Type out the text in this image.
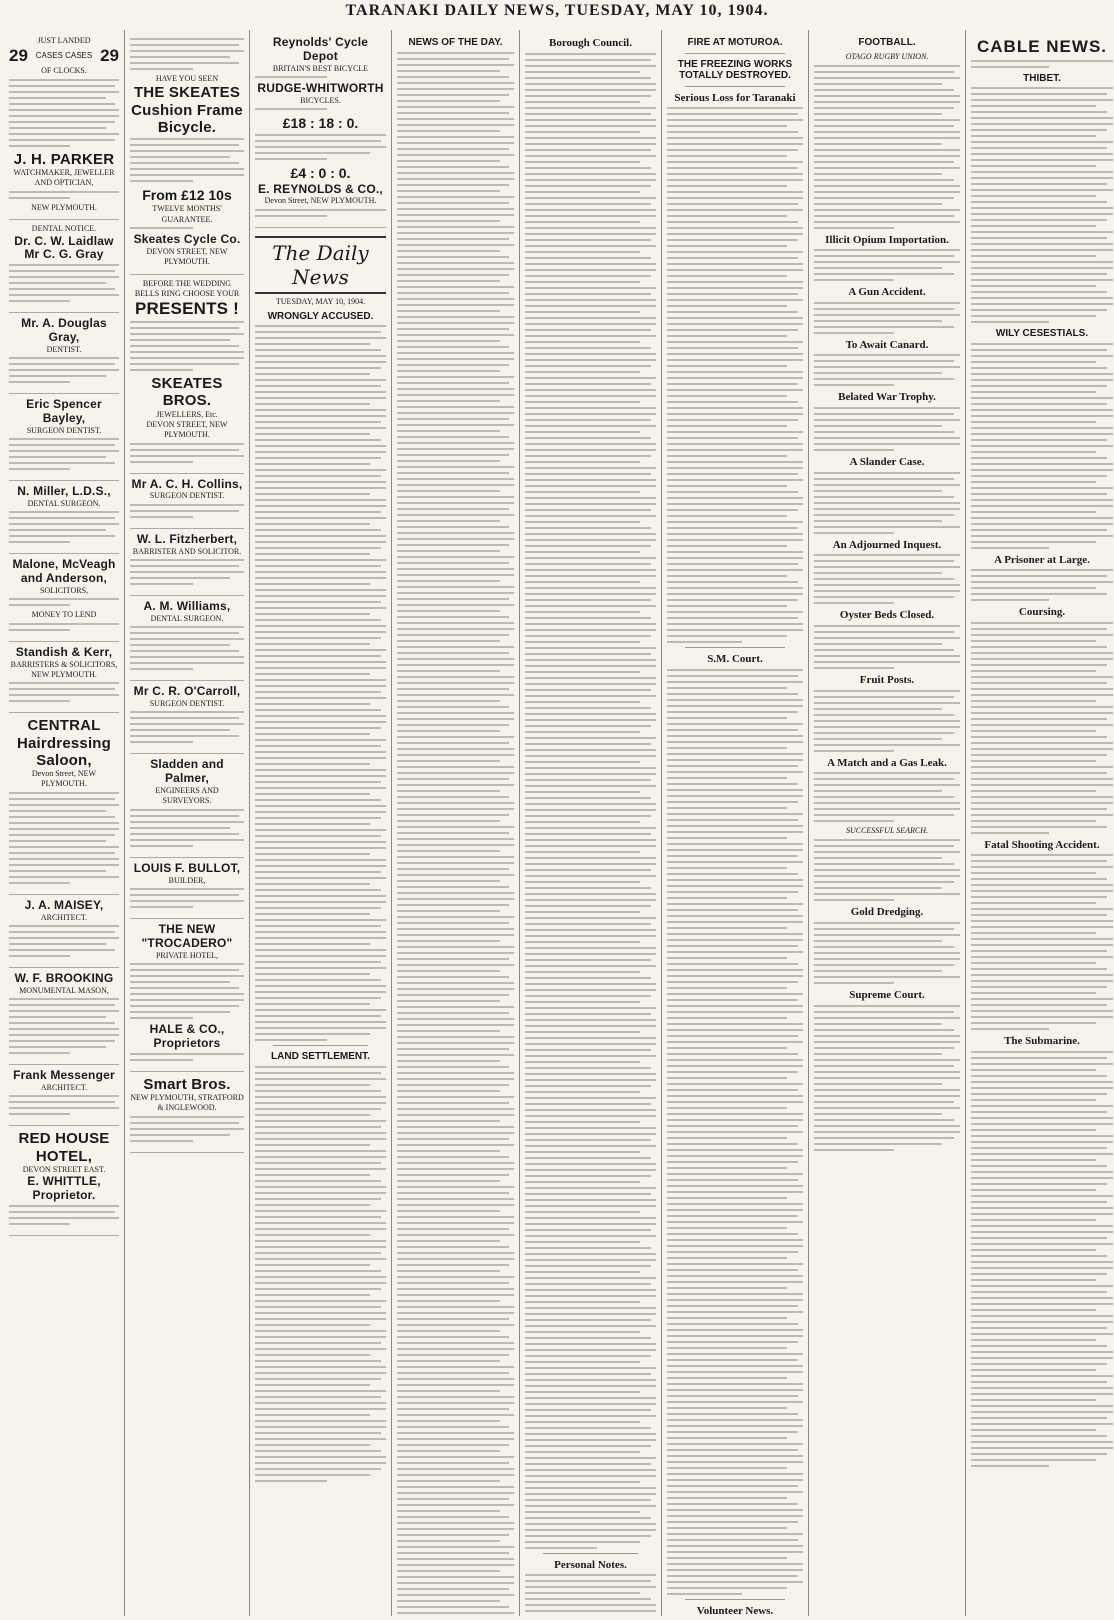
TARANAKI DAILY NEWS, TUESDAY, MAY 10, 1904.
JUST LANDED
29 CASES CASES 29
OF CLOCKS.
J. H. PARKER
WATCHMAKER, JEWELLER AND OPTICIAN,
NEW PLYMOUTH.
DENTAL NOTICE.
Dr. C. W. Laidlaw
Mr C. G. Gray
Mr. A. Douglas Gray,
DENTIST.
Eric Spencer Bayley,
SURGEON DENTIST.
N. Miller, L.D.S.,
DENTAL SURGEON.
Malone, McVeagh and Anderson,
SOLICITORS,
MONEY TO LEND
Standish & Kerr,
BARRISTERS & SOLICITORS, NEW PLYMOUTH.
CENTRAL Hairdressing Saloon,
Devon Street, NEW PLYMOUTH.
J. A. MAISEY,
ARCHITECT.
W. F. BROOKING
MONUMENTAL MASON,
Frank Messenger
ARCHITECT.
RED HOUSE HOTEL,
DEVON STREET EAST.
E. WHITTLE, Proprietor.
HAVE YOU SEEN
THE SKEATES Cushion Frame
Bicycle.
From £12 10s
TWELVE MONTHS' GUARANTEE.
Skeates Cycle Co.
DEVON STREET, NEW PLYMOUTH.
BEFORE THE WEDDING BELLS RING CHOOSE YOUR
PRESENTS !
SKEATES BROS.
JEWELLERS, Etc.
DEVON STREET, NEW PLYMOUTH.
Mr A. C. H. Collins,
SURGEON DENTIST.
W. L. Fitzherbert,
BARRISTER AND SOLICITOR.
A. M. Williams,
DENTAL SURGEON.
Mr C. R. O'Carroll,
SURGEON DENTIST.
Sladden and Palmer,
ENGINEERS AND SURVEYORS.
LOUIS F. BULLOT,
BUILDER,
THE NEW "TROCADERO"
PRIVATE HOTEL,
HALE & CO., Proprietors
Smart Bros.
NEW PLYMOUTH, STRATFORD & INGLEWOOD.
Reynolds' Cycle Depot
BRITAIN'S BEST BICYCLE
RUDGE-WHITWORTH
BICYCLES.
£18 : 18 : 0.
£4 : 0 : 0.
E. REYNOLDS & CO.,
Devon Street, NEW PLYMOUTH.
The Daily News
TUESDAY, MAY 10, 1904.
WRONGLY ACCUSED.
LAND SETTLEMENT.
NEWS OF THE DAY.	Borough Council.
Personal Notes.
FIRE AT MOTUROA.
THE FREEZING WORKS TOTALLY DESTROYED.
Serious Loss for Taranaki
S.M. Court.
Volunteer News.
FOOTBALL.
OTAGO RUGBY UNION.
Illicit Opium Importation.
A Gun Accident.
To Await Canard.
Belated War Trophy.
A Slander Case.
An Adjourned Inquest.
Oyster Beds Closed.
Fruit Posts.
A Match and a Gas Leak.
SUCCESSFUL SEARCH.
Gold Dredging.
Supreme Court.
CABLE NEWS.
THIBET.
WILY CESESTIALS.
A Prisoner at Large.
Coursing.
Fatal Shooting Accident.
The Submarine.
